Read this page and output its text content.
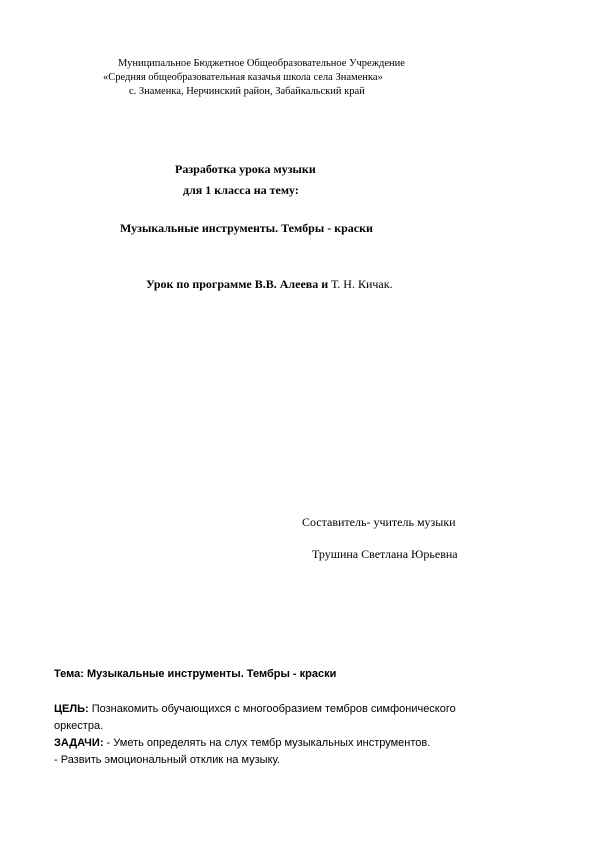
Муниципальное Бюджетное Общеобразовательное Учреждение
«Средняя общеобразовательная казачья школа села Знаменка»
с. Знаменка, Нерчинский район, Забайкальский край
Разработка урока музыки
для 1 класса на тему:
Музыкальные инструменты. Тембры - краски
Урок по программе В.В. Алеева и Т. Н. Кичак.
Составитель- учитель музыки
Трушина Светлана Юрьевна
Тема: Музыкальные инструменты. Тембры - краски
ЦЕЛЬ: Познакомить обучающихся с многообразием тембров симфонического
оркестра.
ЗАДАЧИ: - Уметь определять на слух тембр музыкальных инструментов.
- Развить эмоциональный отклик на музыку.
